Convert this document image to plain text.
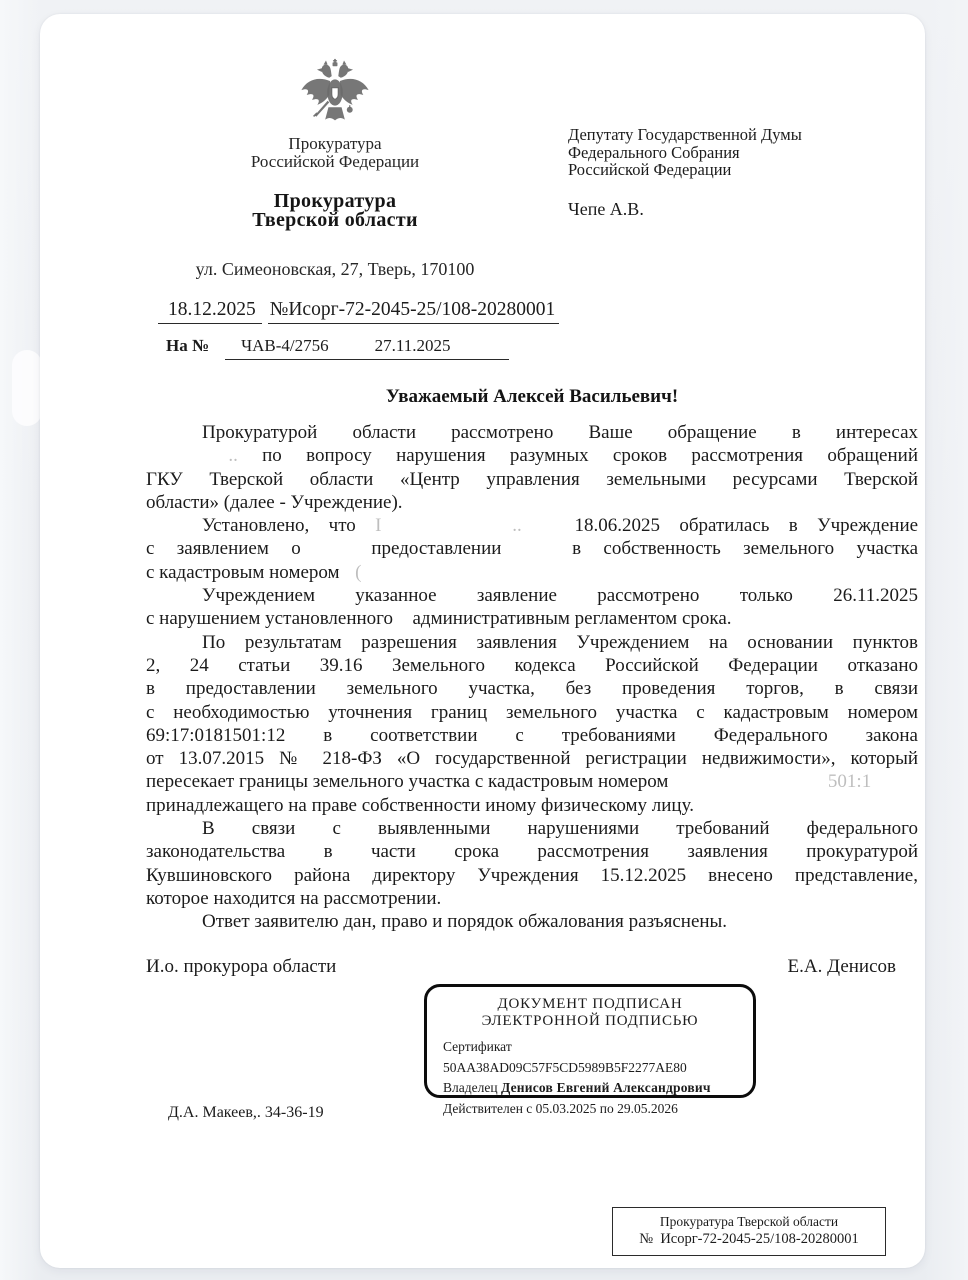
Прокуратура
Российской Федерации
Прокуратура
Тверской области
ул. Симеоновская, 27, Тверь, 170100
Депутату Государственной Думы
Федерального Собрания
Российской Федерации
Чепе А.В.
18.12.2025 №Исорг-72-2045-25/108-20280001
На № ЧАВ-4/2756	27.11.2025
Уважаемый Алексей Васильевич!
Прокуратурой области рассмотрено Ваше обращение в интересах
.. по вопросу нарушения разумных сроков рассмотрения обращений
ГКУ Тверской области «Центр управления земельными ресурсами Тверской
области» (далее - Учреждение).
Установлено, что I	..	18.06.2025 обратилась в Учреждение
с заявлением о	предоставлении	в собственность земельного участка
с кадастровым номером (
Учреждением указанное заявление рассмотрено только 26.11.2025
с нарушением установленного административным регламентом срока.
По результатам разрешения заявления Учреждением на основании пунктов
2, 24 статьи 39.16 Земельного кодекса Российской Федерации отказано
в предоставлении земельного участка, без проведения торгов, в связи
с необходимостью уточнения границ земельного участка с кадастровым номером
69:17:0181501:12 в соответствии с требованиями Федерального закона
от 13.07.2015 № 218-ФЗ «О государственной регистрации недвижимости», который
пересекает границы земельного участка с кадастровым номером	501:1
принадлежащего на праве собственности иному физическому лицу.
В связи с выявленными нарушениями требований федерального
законодательства в части срока рассмотрения заявления прокуратурой
Кувшиновского района директору Учреждения 15.12.2025 внесено представление,
которое находится на рассмотрении.
Ответ заявителю дан, право и порядок обжалования разъяснены.
И.о. прокурора области	Е.А. Денисов
ДОКУМЕНТ ПОДПИСАН
ЭЛЕКТРОННОЙ ПОДПИСЬЮ
Сертификат 50AA38AD09C57F5CD5989B5F2277AE80
Владелец Денисов Евгений Александрович
Действителен с 05.03.2025 по 29.05.2026
Д.А. Макеев,. 34-36-19
Прокуратура Тверской области
№ Исорг-72-2045-25/108-20280001
